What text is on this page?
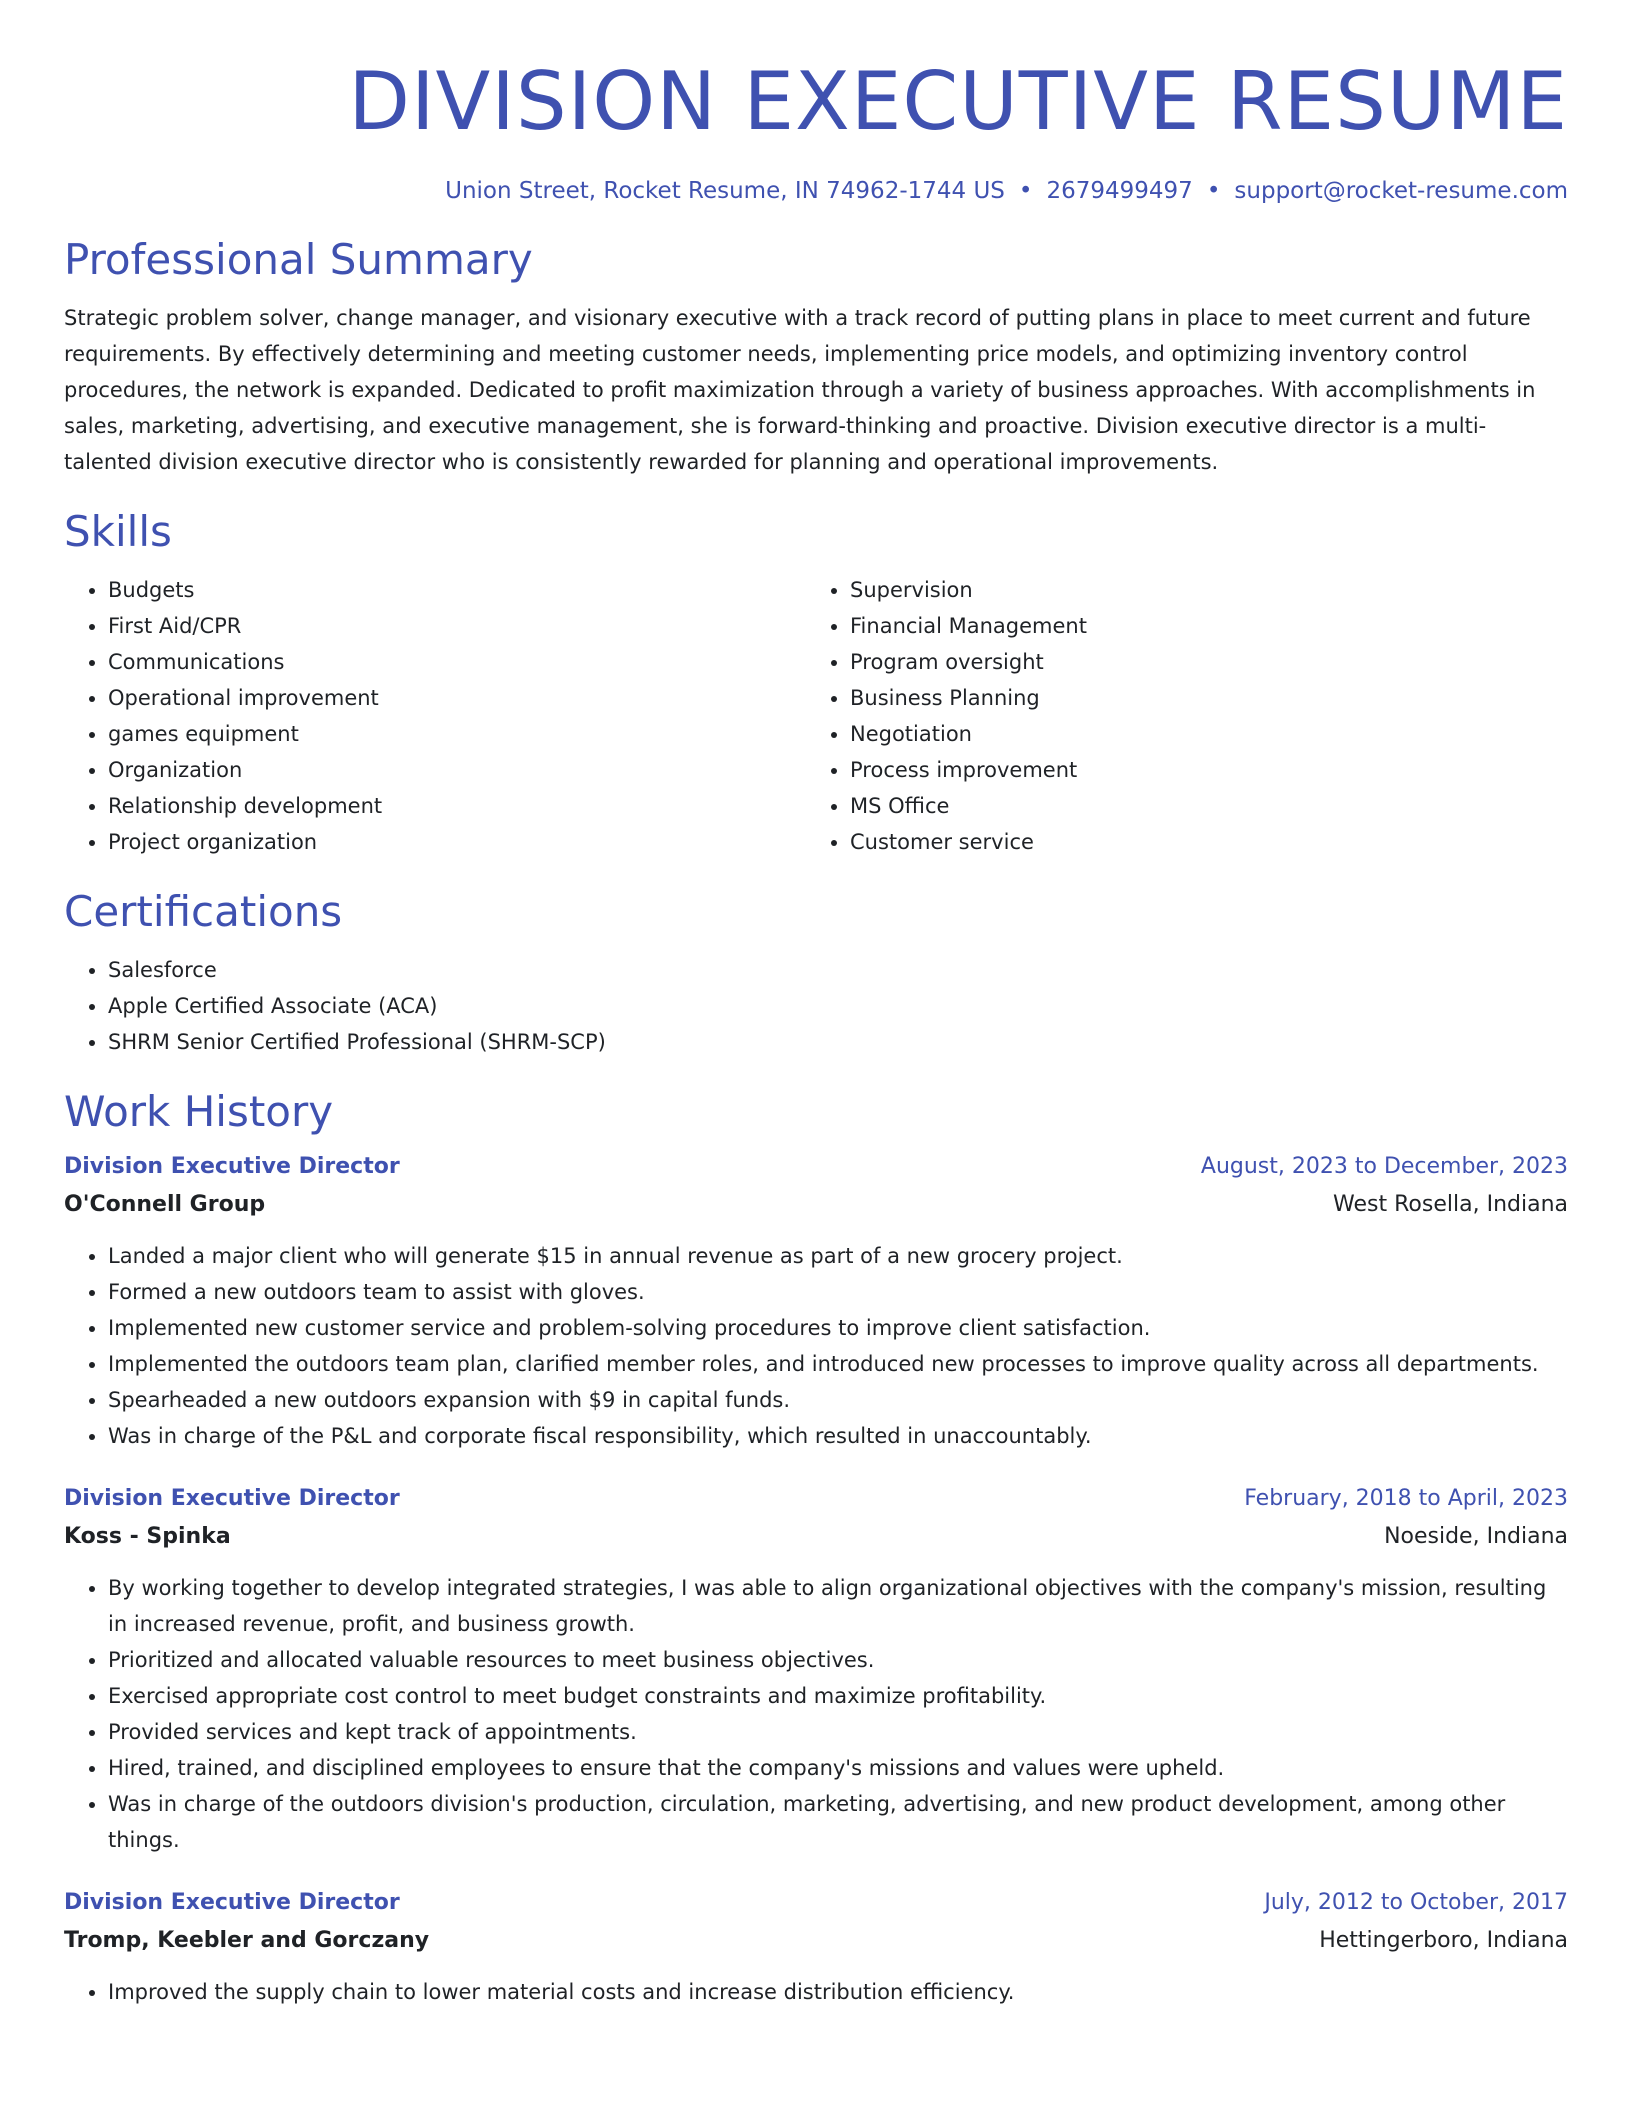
DIVISION EXECUTIVE RESUME
Union Street, Rocket Resume, IN 74962-1744 US • 2679499497 • support@rocket-resume.com
Professional Summary

Strategic problem solver, change manager, and visionary executive with a track record of putting plans in place to meet current and future requirements. By effectively determining and meeting customer needs, implementing price models, and optimizing inventory control procedures, the network is expanded. Dedicated to profit maximization through a variety of business approaches. With accomplishments in sales, marketing, advertising, and executive management, she is forward-thinking and proactive. Division executive director is a multi-talented division executive director who is consistently rewarded for planning and operational improvements.

Skills
• Budgets
• First Aid/CPR
• Communications
• Operational improvement
• games equipment
• Organization
• Relationship development
• Project organization
• Supervision
• Financial Management
• Program oversight
• Business Planning
• Negotiation
• Process improvement
• MS Office
• Customer service
Certifications
• Salesforce
• Apple Certified Associate (ACA)
• SHRM Senior Certified Professional (SHRM-SCP)
Work History
Division Executive Director	August, 2023 to December, 2023
O'Connell Group	West Rosella, Indiana
• Landed a major client who will generate $15 in annual revenue as part of a new grocery project.
• Formed a new outdoors team to assist with gloves.
• Implemented new customer service and problem-solving procedures to improve client satisfaction.
• Implemented the outdoors team plan, clarified member roles, and introduced new processes to improve quality across all departments.
• Spearheaded a new outdoors expansion with $9 in capital funds.
• Was in charge of the P&L and corporate fiscal responsibility, which resulted in unaccountably.
Division Executive Director	February, 2018 to April, 2023
Koss - Spinka	Noeside, Indiana
• By working together to develop integrated strategies, I was able to align organizational objectives with the company's mission, resulting in increased revenue, profit, and business growth.
• Prioritized and allocated valuable resources to meet business objectives.
• Exercised appropriate cost control to meet budget constraints and maximize profitability.
• Provided services and kept track of appointments.
• Hired, trained, and disciplined employees to ensure that the company's missions and values were upheld.
• Was in charge of the outdoors division's production, circulation, marketing, advertising, and new product development, among other things.
Division Executive Director	July, 2012 to October, 2017
Tromp, Keebler and Gorczany	Hettingerboro, Indiana
• Improved the supply chain to lower material costs and increase distribution efficiency.
